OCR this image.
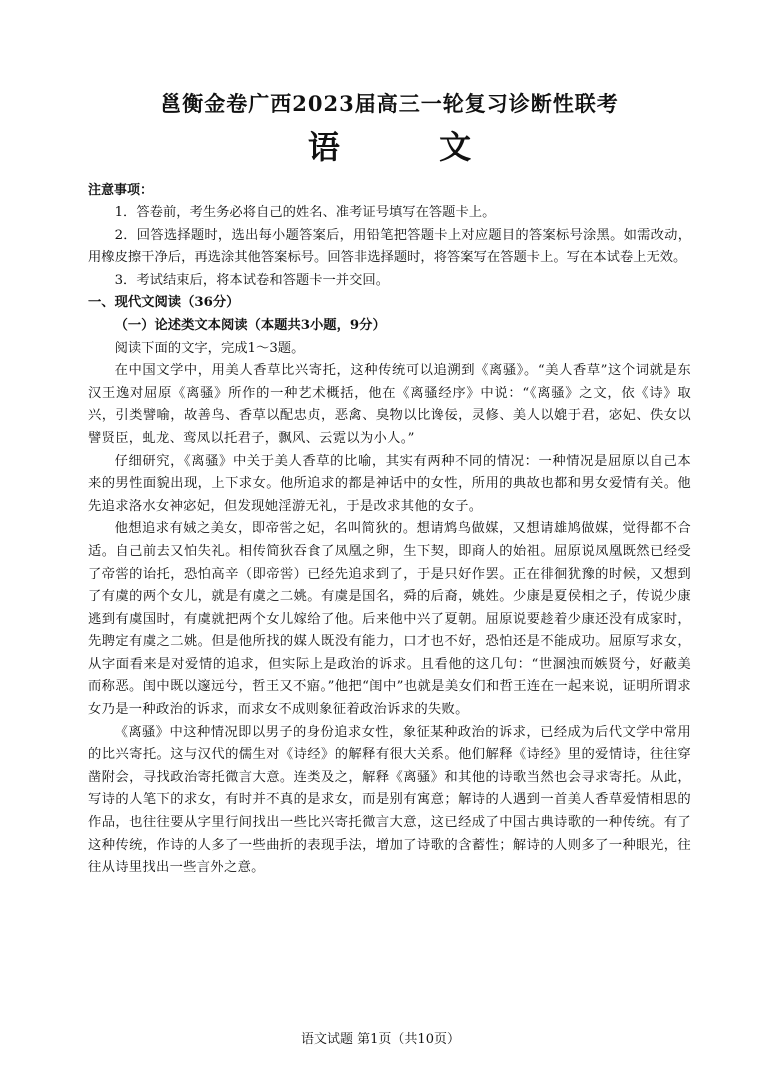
邕衡金卷广西2023届高三一轮复习诊断性联考
语 文
注意事项：

1．答卷前，考生务必将自己的姓名、准考证号填写在答题卡上。

2．回答选择题时，选出每小题答案后，用铅笔把答题卡上对应题目的答案标号涂黑。如需改动，用橡皮擦干净后，再选涂其他答案标号。回答非选择题时，将答案写在答题卡上。写在本试卷上无效。

3．考试结束后，将本试卷和答题卡一并交回。

一、现代文阅读（36分）
（一）论述类文本阅读（本题共3小题，9分）

阅读下面的文字，完成1～3题。

在中国文学中，用美人香草比兴寄托，这种传统可以追溯到《离骚》。“美人香草”这个词就是东汉王逸对屈原《离骚》所作的一种艺术概括，他在《离骚经序》中说：“《离骚》之文，依《诗》取兴，引类譬喻，故善鸟、香草以配忠贞，恶禽、臭物以比谗佞，灵修、美人以媲于君，宓妃、佚女以譬贤臣，虬龙、鸾凤以托君子，飘风、云霓以为小人。”

仔细研究，《离骚》中关于美人香草的比喻，其实有两种不同的情况：一种情况是屈原以自己本来的男性面貌出现，上下求女。他所追求的都是神话中的女性，所用的典故也都和男女爱情有关。他先追求洛水女神宓妃，但发现她淫游无礼，于是改求其他的女子。

他想追求有娀之美女，即帝喾之妃，名叫简狄的。想请鸩鸟做媒，又想请雄鸠做媒，觉得都不合适。自己前去又怕失礼。相传简狄吞食了凤凰之卵，生下契，即商人的始祖。屈原说凤凰既然已经受了帝喾的诒托，恐怕高辛（即帝喾）已经先追求到了，于是只好作罢。正在徘徊犹豫的时候，又想到了有虞的两个女儿，就是有虞之二姚。有虞是国名，舜的后裔，姚姓。少康是夏侯相之子，传说少康逃到有虞国时，有虞就把两个女儿嫁给了他。后来他中兴了夏朝。屈原说要趁着少康还没有成家时，先聘定有虞之二姚。但是他所找的媒人既没有能力，口才也不好，恐怕还是不能成功。屈原写求女，从字面看来是对爱情的追求，但实际上是政治的诉求。且看他的这几句：“世溷浊而嫉贤兮，好蔽美而称恶。闺中既以邃远兮，哲王又不寤。”他把“闺中”也就是美女们和哲王连在一起来说，证明所谓求女乃是一种政治的诉求，而求女不成则象征着政治诉求的失败。

《离骚》中这种情况即以男子的身份追求女性，象征某种政治的诉求，已经成为后代文学中常用的比兴寄托。这与汉代的儒生对《诗经》的解释有很大关系。他们解释《诗经》里的爱情诗，往往穿凿附会，寻找政治寄托微言大意。连类及之，解释《离骚》和其他的诗歌当然也会寻求寄托。从此，写诗的人笔下的求女，有时并不真的是求女，而是别有寓意；解诗的人遇到一首美人香草爱情相思的作品，也往往要从字里行间找出一些比兴寄托微言大意，这已经成了中国古典诗歌的一种传统。有了这种传统，作诗的人多了一些曲折的表现手法，增加了诗歌的含蓄性；解诗的人则多了一种眼光，往往从诗里找出一些言外之意。

语文试题 第1页（共10页）
